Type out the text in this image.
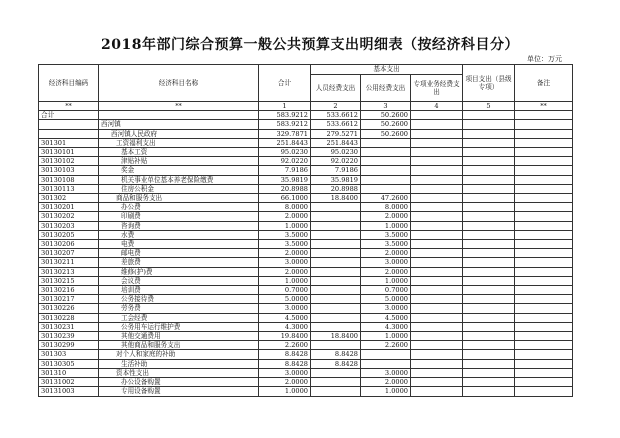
2018年部门综合预算一般公共预算支出明细表（按经济科目分）
单位：万元
经济科目编码	经济科目名称	合计	基本支出			项目支出（县级专项）	备注
			人员经费支出	公用经费支出	专项业务经费支出		
**	**	1	2	3	4	5	**
合计		583.9212	533.6612	50.2600			
	西河镇	583.9212	533.6612	50.2600			
	西河镇人民政府	329.7871	279.5271	50.2600			
301301	工资福利支出	251.8443	251.8443				
30130101	基本工资	95.0230	95.0230				
30130102	津贴补贴	92.0220	92.0220				
30130103	奖金	7.9186	7.9186				
30130108	机关事业单位基本养老保险缴费	35.9819	35.9819				
30130113	住房公积金	20.8988	20.8988				
301302	商品和服务支出	66.1000	18.8400	47.2600			
30130201	办公费	8.0000		8.0000			
30130202	印刷费	2.0000		2.0000			
30130203	咨询费	1.0000		1.0000			
30130205	水费	3.5000		3.5000			
30130206	电费	3.5000		3.5000			
30130207	邮电费	2.0000		2.0000			
30130211	差旅费	3.0000		3.0000			
30130213	维修(护)费	2.0000		2.0000			
30130215	会议费	1.0000		1.0000			
30130216	培训费	0.7000		0.7000			
30130217	公务接待费	5.0000		5.0000			
30130226	劳务费	3.0000		3.0000			
30130228	工会经费	4.5000		4.5000			
30130231	公务用车运行维护费	4.3000		4.3000			
30130239	其他交通费用	19.8400	18.8400	1.0000			
30130299	其他商品和服务支出	2.2600		2.2600			
301303	对个人和家庭的补助	8.8428	8.8428				
30130305	生活补助	8.8428	8.8428				
301310	资本性支出	3.0000		3.0000			
30131002	办公设备购置	2.0000		2.0000			
30131003	专用设备购置	1.0000		1.0000			
